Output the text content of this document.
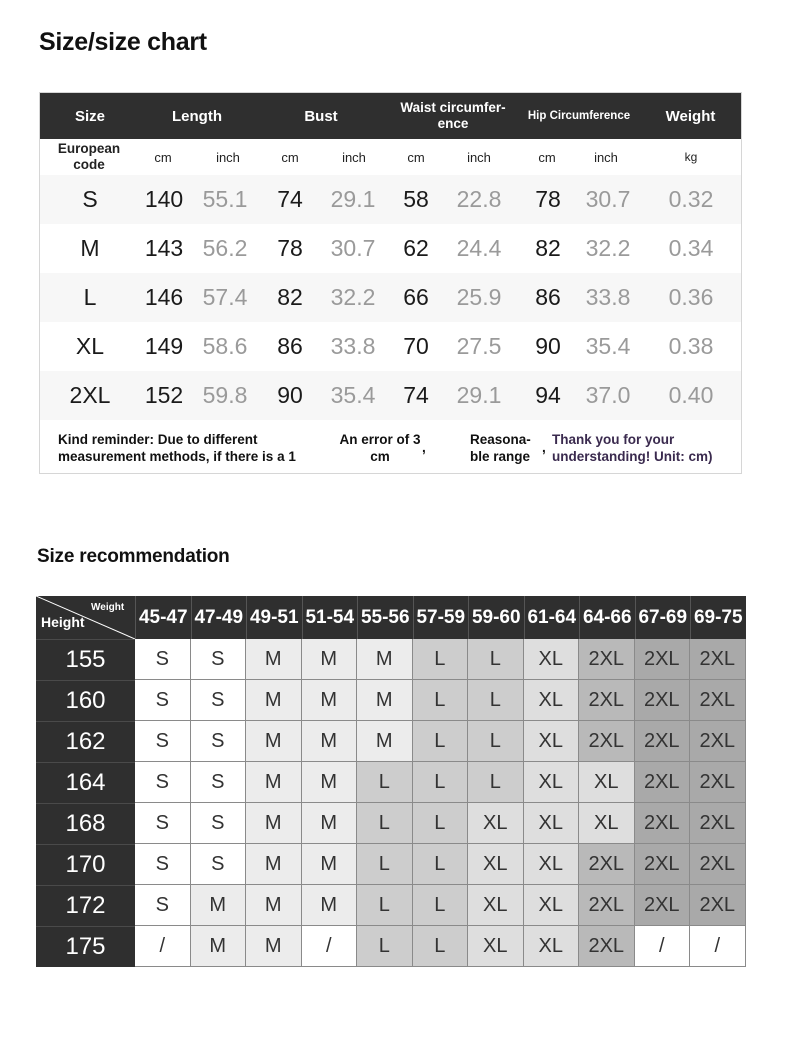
Size/size chart
Size	Length	Bust	Waist circumfer-ence	Hip Circumference	Weight
European code	cm	inch	cm	inch	cm	inch	cm	inch	kg
S	140 55.1	74	29.1	58	22.8	78	30.7 0.32
M	143 56.2	78	30.7	62	24.4	82	32.2 0.34
L	146 57.4	82	32.2	66	25.9	86	33.8 0.36
XL	149 58.6	86	33.8	70	27.5	90	35.4 0.38
2XL	152 59.8	90	35.4	74	29.1	94	37.0 0.40
Kind reminder: Due to different measurement methods, if there is a 1
An error of 3 cm
,
Reasona-ble range
,
Thank you for your understanding! Unit: cm)
Size recommendation
Weight
Height	45-47 47-49 49-51 51-54 55-56 57-59 59-60 61-64 64-66 67-69 69-75
155	S	S	M	M	M	L	L	XL	2XL 2XL 2XL
160	S	S	M	M	M	L	L	XL	2XL 2XL 2XL
162	S	S	M	M	M	L	L	XL	2XL 2XL 2XL
164	S	S	M	M	L	L	L	XL	XL	2XL 2XL
168	S	S	M	M	L	L	XL	XL	XL	2XL 2XL
170	S	S	M	M	L	L	XL	XL	2XL 2XL 2XL
172	S	M	M	M	L	L	XL	XL	2XL 2XL 2XL
175	/	M	M	/	L	L	XL	XL	2XL	/	/
